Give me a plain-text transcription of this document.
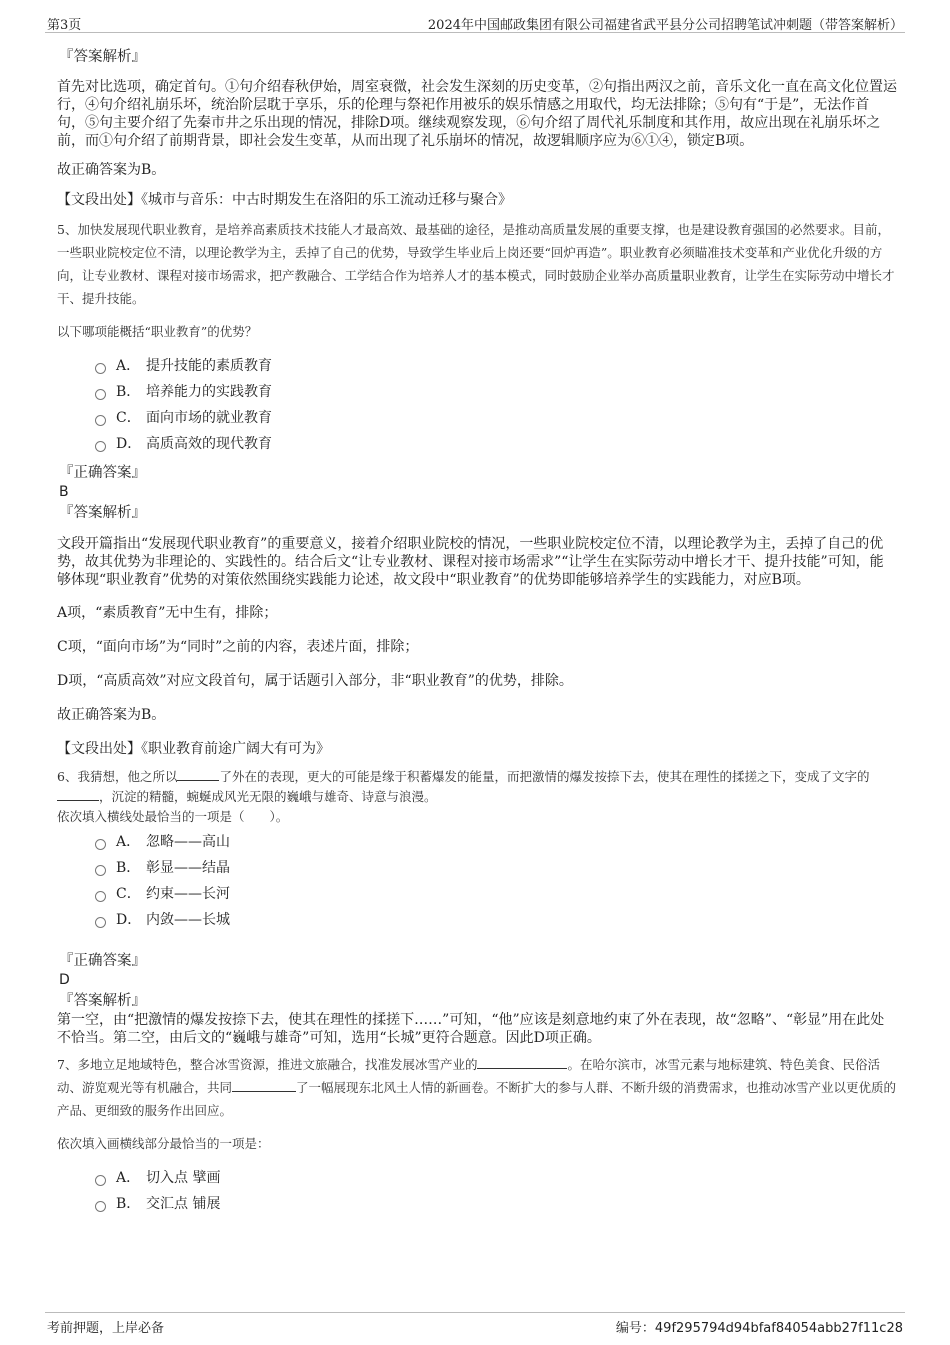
第3页	2024年中国邮政集团有限公司福建省武平县分公司招聘笔试冲刺题（带答案解析）
『答案解析』

首先对比选项，确定首句。①句介绍春秋伊始，周室衰微，社会发生深刻的历史变革，②句指出两汉之前，音乐文化一直在高文化位置运行，④句介绍礼崩乐坏，统治阶层耽于享乐，乐的伦理与祭祀作用被乐的娱乐情感之用取代，均无法排除；⑤句有“于是”，无法作首句，⑤句主要介绍了先秦市井之乐出现的情况，排除D项。继续观察发现，⑥句介绍了周代礼乐制度和其作用，故应出现在礼崩乐坏之前，而①句介绍了前期背景，即社会发生变革，从而出现了礼乐崩坏的情况，故逻辑顺序应为⑥①④，锁定B项。

故正确答案为B。
【文段出处】《城市与音乐：中古时期发生在洛阳的乐工流动迁移与聚合》

5、加快发展现代职业教育，是培养高素质技术技能人才最高效、最基础的途径，是推动高质量发展的重要支撑，也是建设教育强国的必然要求。目前，一些职业院校定位不清，以理论教学为主，丢掉了自己的优势，导致学生毕业后上岗还要“回炉再造”。职业教育必须瞄准技术变革和产业优化升级的方向，让专业教材、课程对接市场需求，把产教融合、工学结合作为培养人才的基本模式，同时鼓励企业举办高质量职业教育，让学生在实际劳动中增长才干、提升技能。

以下哪项能概括“职业教育”的优势？

A． 提升技能的素质教育
B． 培养能力的实践教育
C． 面向市场的就业教育
D． 高质高效的现代教育
『正确答案』
B
『答案解析』

文段开篇指出“发展现代职业教育”的重要意义，接着介绍职业院校的情况，一些职业院校定位不清，以理论教学为主，丢掉了自己的优势，故其优势为非理论的、实践性的。结合后文“让专业教材、课程对接市场需求”“让学生在实际劳动中增长才干、提升技能”可知，能够体现“职业教育”优势的对策依然围绕实践能力论述，故文段中“职业教育”的优势即能够培养学生的实践能力，对应B项。

A项，“素质教育”无中生有，排除；
C项，“面向市场”为“同时”之前的内容，表述片面，排除；
D项，“高质高效”对应文段首句，属于话题引入部分，非“职业教育”的优势，排除。
故正确答案为B。
【文段出处】《职业教育前途广阔大有可为》

6、我猜想，他之所以	了外在的表现，更大的可能是缘于积蓄爆发的能量，而把激情的爆发按捺下去，使其在理性的揉搓之下，变成了文字的，沉淀的精髓，蜿蜒成风光无限的巍峨与雄奇、诗意与浪漫。

依次填入横线处最恰当的一项是（　　）。

A． 忽略——高山
B． 彰显——结晶
C． 约束——长河
D． 内敛——长城
『正确答案』
D
『答案解析』

第一空，由“把激情的爆发按捺下去，使其在理性的揉搓下……”可知，“他”应该是刻意地约束了外在表现，故“忽略”、“彰显”用在此处不恰当。第二空，由后文的“巍峨与雄奇”可知，选用“长城”更符合题意。因此D项正确。

7、多地立足地域特色，整合冰雪资源，推进文旅融合，找准发展冰雪产业的	。在哈尔滨市，冰雪元素与地标建筑、特色美食、民俗活动、游览观光等有机融合，共同	了一幅展现东北风土人情的新画卷。不断扩大的参与人群、不断升级的消费需求，也推动冰雪产业以更优质的产品、更细致的服务作出回应。

依次填入画横线部分最恰当的一项是：

A． 切入点 擘画
B． 交汇点 铺展
考前押题，上岸必备	编号：49f295794d94bfaf84054abb27f11c28
